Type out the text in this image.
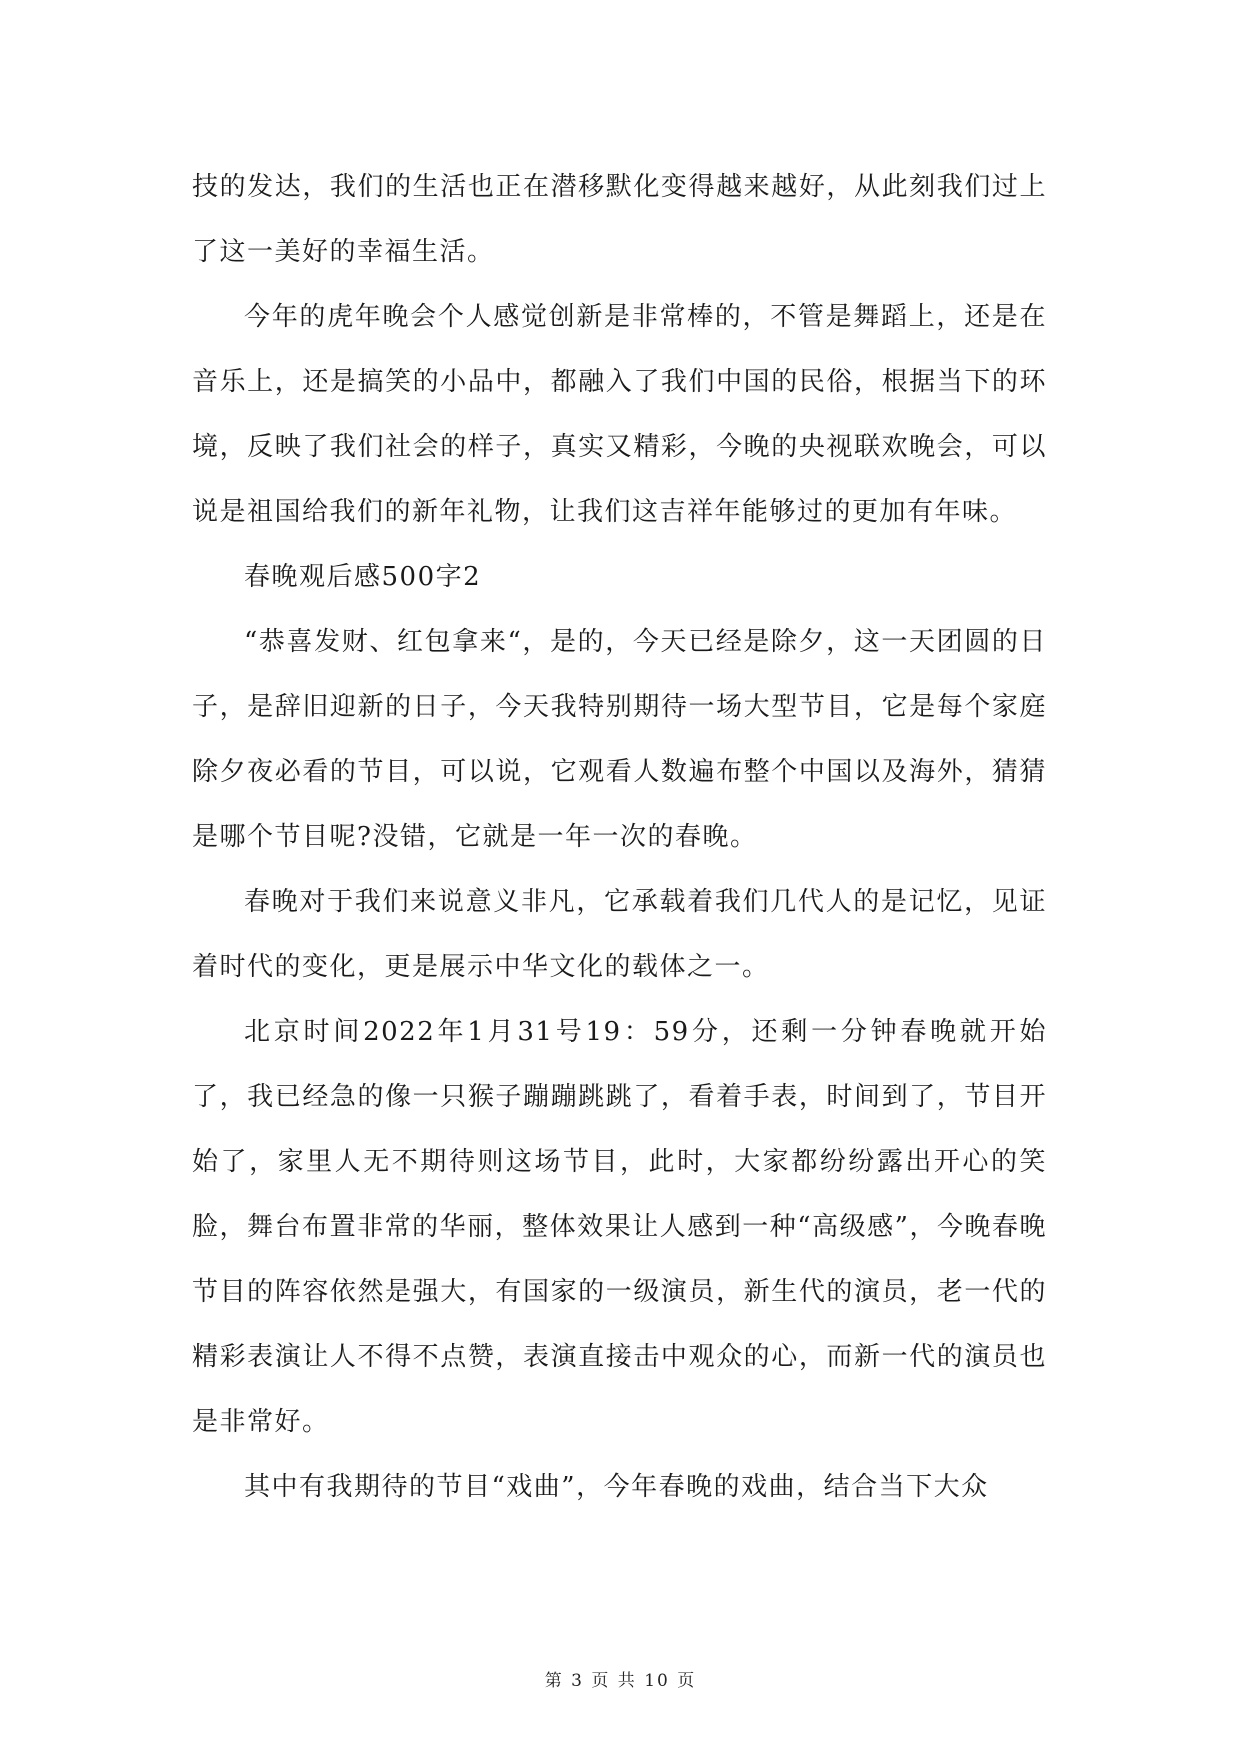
技的发达，我们的生活也正在潜移默化变得越来越好，从此刻我们过上了这一美好的幸福生活。

今年的虎年晚会个人感觉创新是非常棒的，不管是舞蹈上，还是在音乐上，还是搞笑的小品中，都融入了我们中国的民俗，根据当下的环境，反映了我们社会的样子，真实又精彩，今晚的央视联欢晚会，可以说是祖国给我们的新年礼物，让我们这吉祥年能够过的更加有年味。

春晚观后感500字2

“恭喜发财、红包拿来“，是的，今天已经是除夕，这一天团圆的日子，是辞旧迎新的日子，今天我特别期待一场大型节目，它是每个家庭除夕夜必看的节目，可以说，它观看人数遍布整个中国以及海外，猜猜是哪个节目呢?没错，它就是一年一次的春晚。

春晚对于我们来说意义非凡，它承载着我们几代人的是记忆，见证着时代的变化，更是展示中华文化的载体之一。

北京时间2022年1月31号19：59分，还剩一分钟春晚就开始了，我已经急的像一只猴子蹦蹦跳跳了，看着手表，时间到了，节目开始了，家里人无不期待则这场节目，此时，大家都纷纷露出开心的笑脸，舞台布置非常的华丽，整体效果让人感到一种“高级感”，今晚春晚节目的阵容依然是强大，有国家的一级演员，新生代的演员，老一代的精彩表演让人不得不点赞，表演直接击中观众的心，而新一代的演员也是非常好。

其中有我期待的节目“戏曲”，今年春晚的戏曲，结合当下大众

第 3 页 共 10 页
